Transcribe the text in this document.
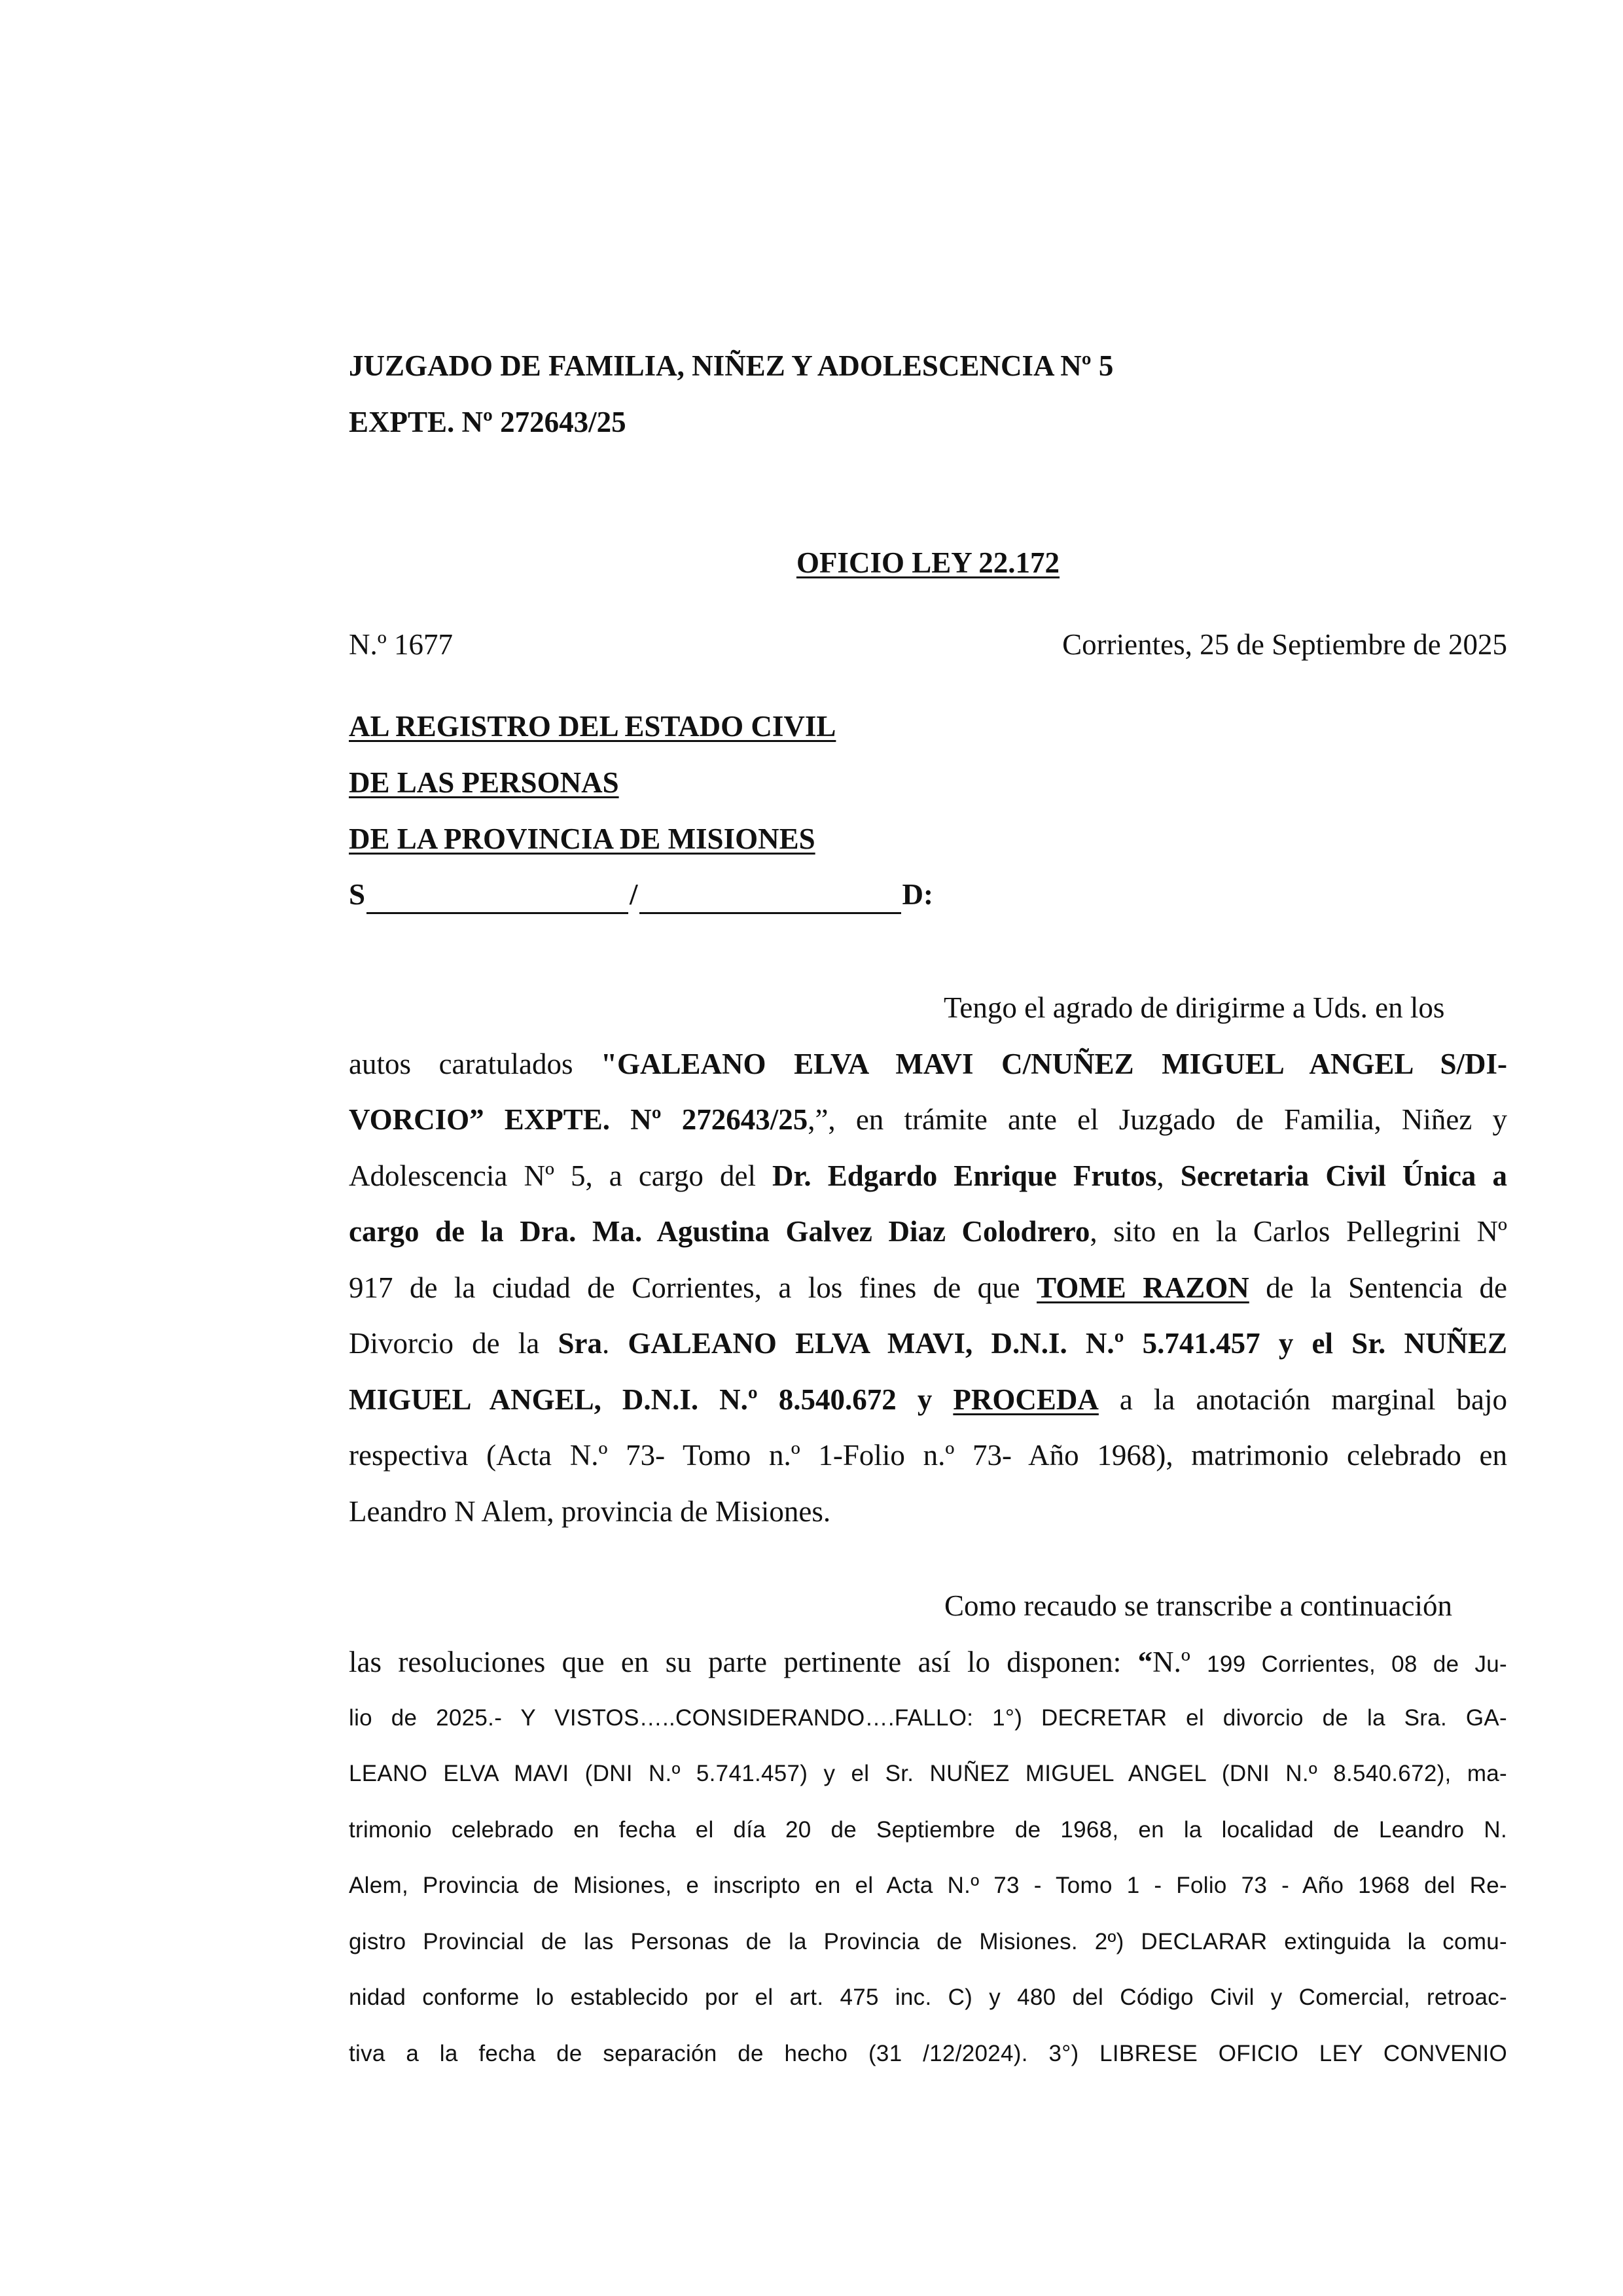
JUZGADO DE FAMILIA, NIÑEZ Y ADOLESCENCIA Nº 5

EXPTE. Nº 272643/25

OFICIO LEY 22.172

N.º 1677	Corrientes, 25 de Septiembre de 2025

AL REGISTRO DEL ESTADO CIVIL

DE LAS PERSONAS

DE LA PROVINCIA DE MISIONES

S	/	D:

Tengo el agrado de dirigirme a Uds. en los

autos caratulados "GALEANO ELVA MAVI C/NUÑEZ MIGUEL ANGEL S/DI-

VORCIO” EXPTE. Nº 272643/25,”, en trámite ante el Juzgado de Familia, Niñez y

Adolescencia Nº 5, a cargo del Dr. Edgardo Enrique Frutos, Secretaria Civil Única a

cargo de la Dra. Ma. Agustina Galvez Diaz Colodrero, sito en la Carlos Pellegrini Nº

917 de la ciudad de Corrientes, a los fines de que TOME RAZON de la Sentencia de

Divorcio de la Sra. GALEANO ELVA MAVI, D.N.I. N.º 5.741.457 y el Sr. NUÑEZ

MIGUEL ANGEL, D.N.I. N.º 8.540.672 y PROCEDA a la anotación marginal bajo

respectiva (Acta N.º 73- Tomo n.º 1-Folio n.º 73- Año 1968), matrimonio celebrado en

Leandro N Alem, provincia de Misiones.

Como recaudo se transcribe a continuación

las resoluciones que en su parte pertinente así lo disponen: “N.º 199 Corrientes, 08 de Ju-

lio de 2025.- Y VISTOS…..CONSIDERANDO….FALLO: 1°) DECRETAR el divorcio de la Sra. GA-

LEANO ELVA MAVI (DNI N.º 5.741.457) y el Sr. NUÑEZ MIGUEL ANGEL (DNI N.º 8.540.672), ma-

trimonio celebrado en fecha el día 20 de Septiembre de 1968, en la localidad de Leandro N.

Alem, Provincia de Misiones, e inscripto en el Acta N.º 73 - Tomo 1 - Folio 73 - Año 1968 del Re-

gistro Provincial de las Personas de la Provincia de Misiones. 2º) DECLARAR extinguida la comu-

nidad conforme lo establecido por el art. 475 inc. C) y 480 del Código Civil y Comercial, retroac-

tiva a la fecha de separación de hecho (31 /12/2024). 3°) LIBRESE OFICIO LEY CONVENIO
